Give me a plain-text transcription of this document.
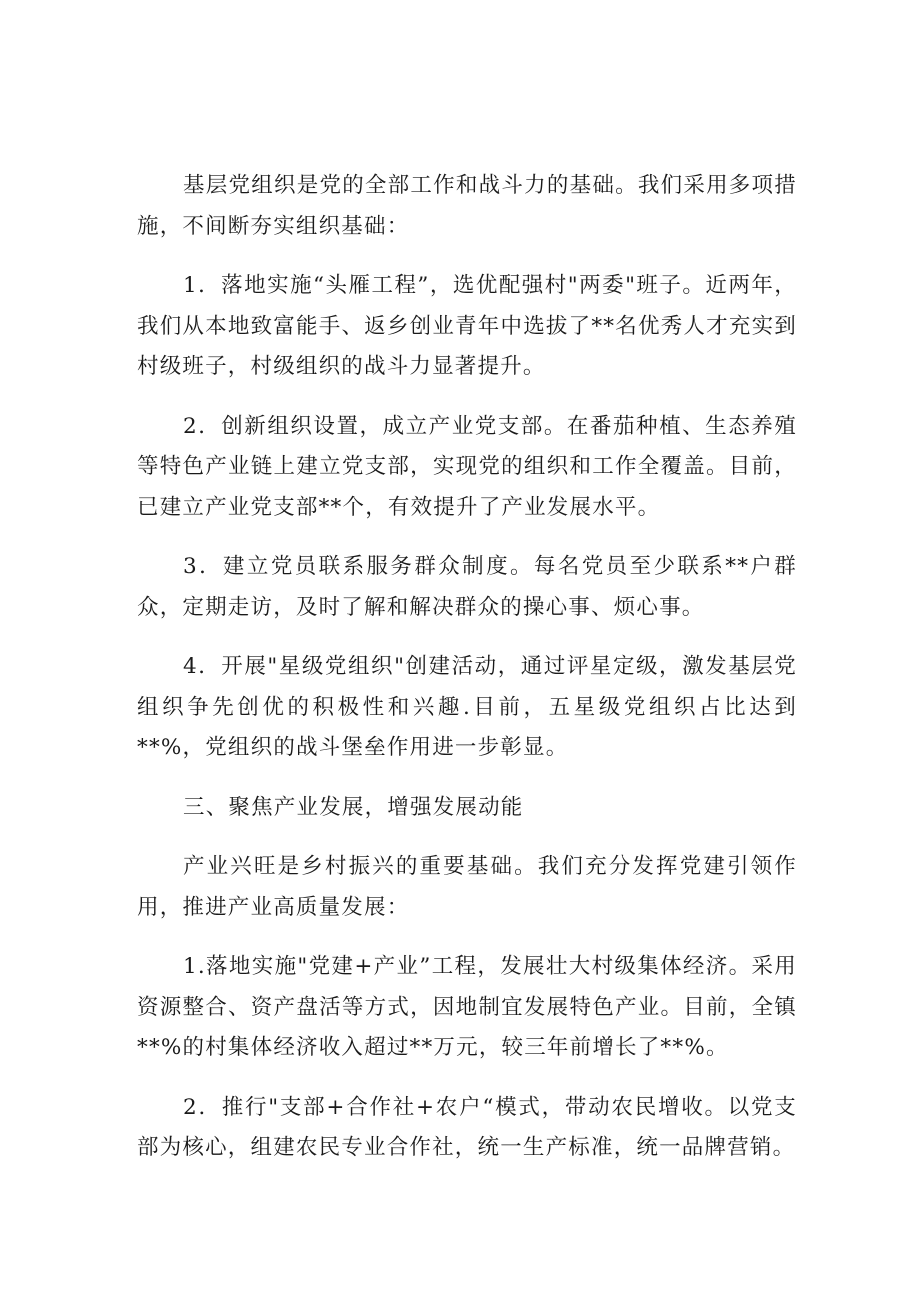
基层党组织是党的全部工作和战斗力的基础。我们采用多项措施，不间断夯实组织基础：

1．落地实施“头雁工程”，选优配强村"两委"班子。近两年，我们从本地致富能手、返乡创业青年中选拔了**名优秀人才充实到村级班子，村级组织的战斗力显著提升。

2．创新组织设置，成立产业党支部。在番茄种植、生态养殖等特色产业链上建立党支部，实现党的组织和工作全覆盖。目前，已建立产业党支部**个，有效提升了产业发展水平。

3．建立党员联系服务群众制度。每名党员至少联系**户群众，定期走访，及时了解和解决群众的操心事、烦心事。

4．开展"星级党组织"创建活动，通过评星定级，激发基层党组织争先创优的积极性和兴趣.目前，五星级党组织占比达到**%，党组织的战斗堡垒作用进一步彰显。

三、聚焦产业发展，增强发展动能

产业兴旺是乡村振兴的重要基础。我们充分发挥党建引领作用，推进产业高质量发展：

1.落地实施"党建+产业”工程，发展壮大村级集体经济。采用资源整合、资产盘活等方式，因地制宜发展特色产业。目前，全镇**%的村集体经济收入超过**万元，较三年前增长了**%。

2．推行"支部+合作社+农户“模式，带动农民增收。以党支部为核心，组建农民专业合作社，统一生产标准，统一品牌营销。
